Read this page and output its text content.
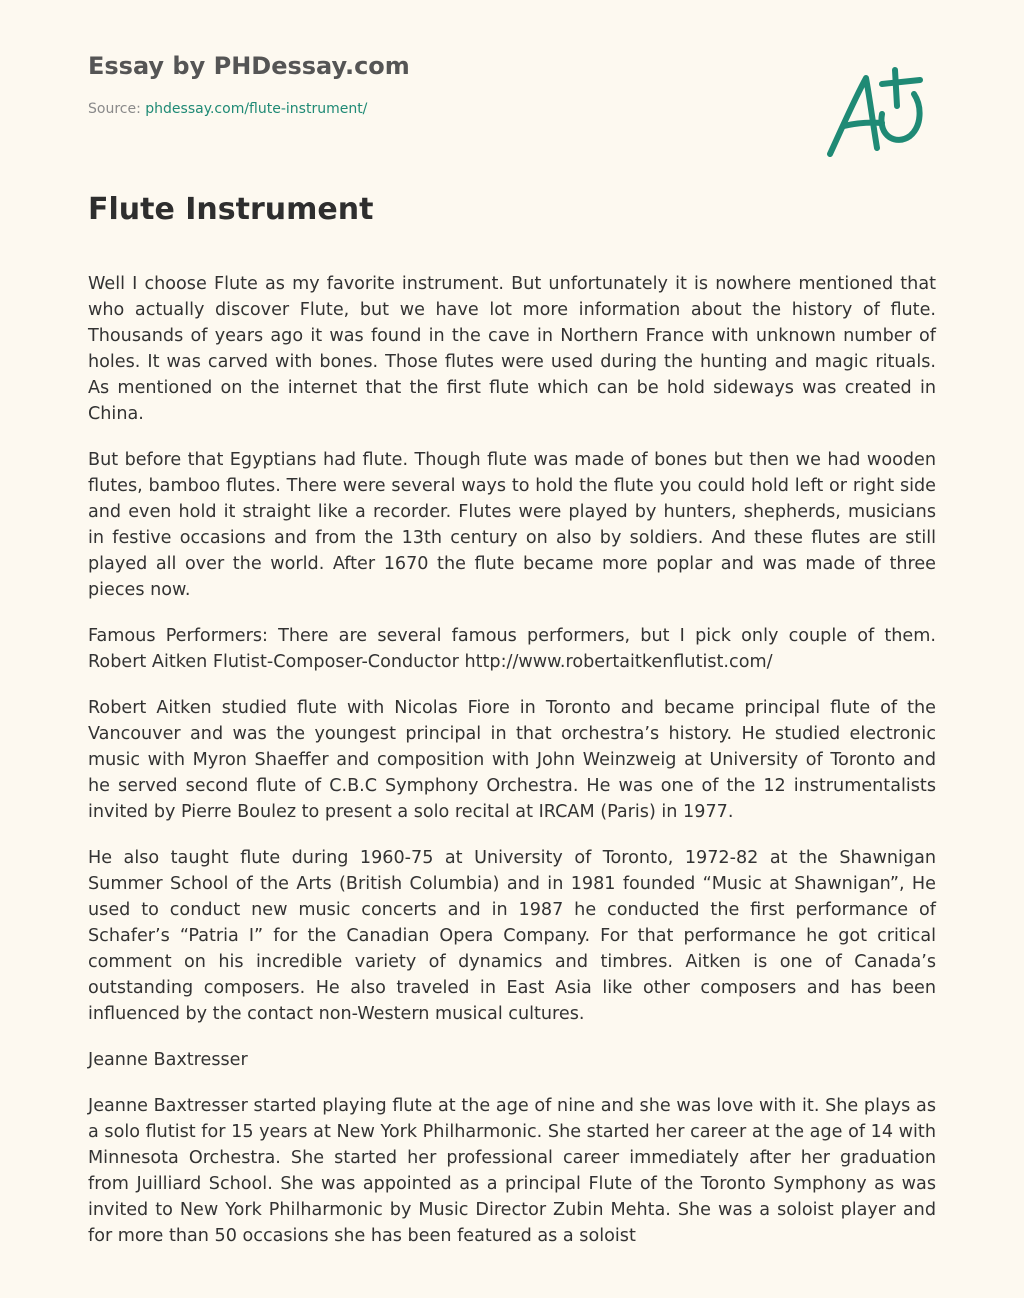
Essay by PHDessay.com
Source: phdessay.com/flute-instrument/
Flute Instrument

Well I choose Flute as my favorite instrument. But unfortunately it is nowhere mentioned that who actually discover Flute, but we have lot more information about the history of flute. Thousands of years ago it was found in the cave in Northern France with unknown number of holes. It was carved with bones. Those flutes were used during the hunting and magic rituals. As mentioned on the internet that the first flute which can be hold sideways was created in China.

But before that Egyptians had flute. Though flute was made of bones but then we had wooden flutes, bamboo flutes. There were several ways to hold the flute you could hold left or right side and even hold it straight like a recorder. Flutes were played by hunters, shepherds, musicians in festive occasions and from the 13th century on also by soldiers. And these flutes are still played all over the world. After 1670 the flute became more poplar and was made of three pieces now.

Famous Performers: There are several famous performers, but I pick only couple of them. Robert Aitken Flutist-Composer-Conductor http://www.robertaitkenflutist.com/

Robert Aitken studied flute with Nicolas Fiore in Toronto and became principal flute of the Vancouver and was the youngest principal in that orchestra’s history. He studied electronic music with Myron Shaeffer and composition with John Weinzweig at University of Toronto and he served second flute of C.B.C Symphony Orchestra. He was one of the 12 instrumentalists invited by Pierre Boulez to present a solo recital at IRCAM (Paris) in 1977.

He also taught flute during 1960-75 at University of Toronto, 1972-82 at the Shawnigan Summer School of the Arts (British Columbia) and in 1981 founded “Music at Shawnigan”, He used to conduct new music concerts and in 1987 he conducted the first performance of Schafer’s “Patria I” for the Canadian Opera Company. For that performance he got critical comment on his incredible variety of dynamics and timbres. Aitken is one of Canada’s outstanding composers. He also traveled in East Asia like other composers and has been influenced by the contact non-Western musical cultures.

Jeanne Baxtresser

Jeanne Baxtresser started playing flute at the age of nine and she was love with it. She plays as a solo flutist for 15 years at New York Philharmonic. She started her career at the age of 14 with Minnesota Orchestra. She started her professional career immediately after her graduation from Juilliard School. She was appointed as a principal Flute of the Toronto Symphony as was invited to New York Philharmonic by Music Director Zubin Mehta. She was a soloist player and for more than 50 occasions she has been featured as a soloist
